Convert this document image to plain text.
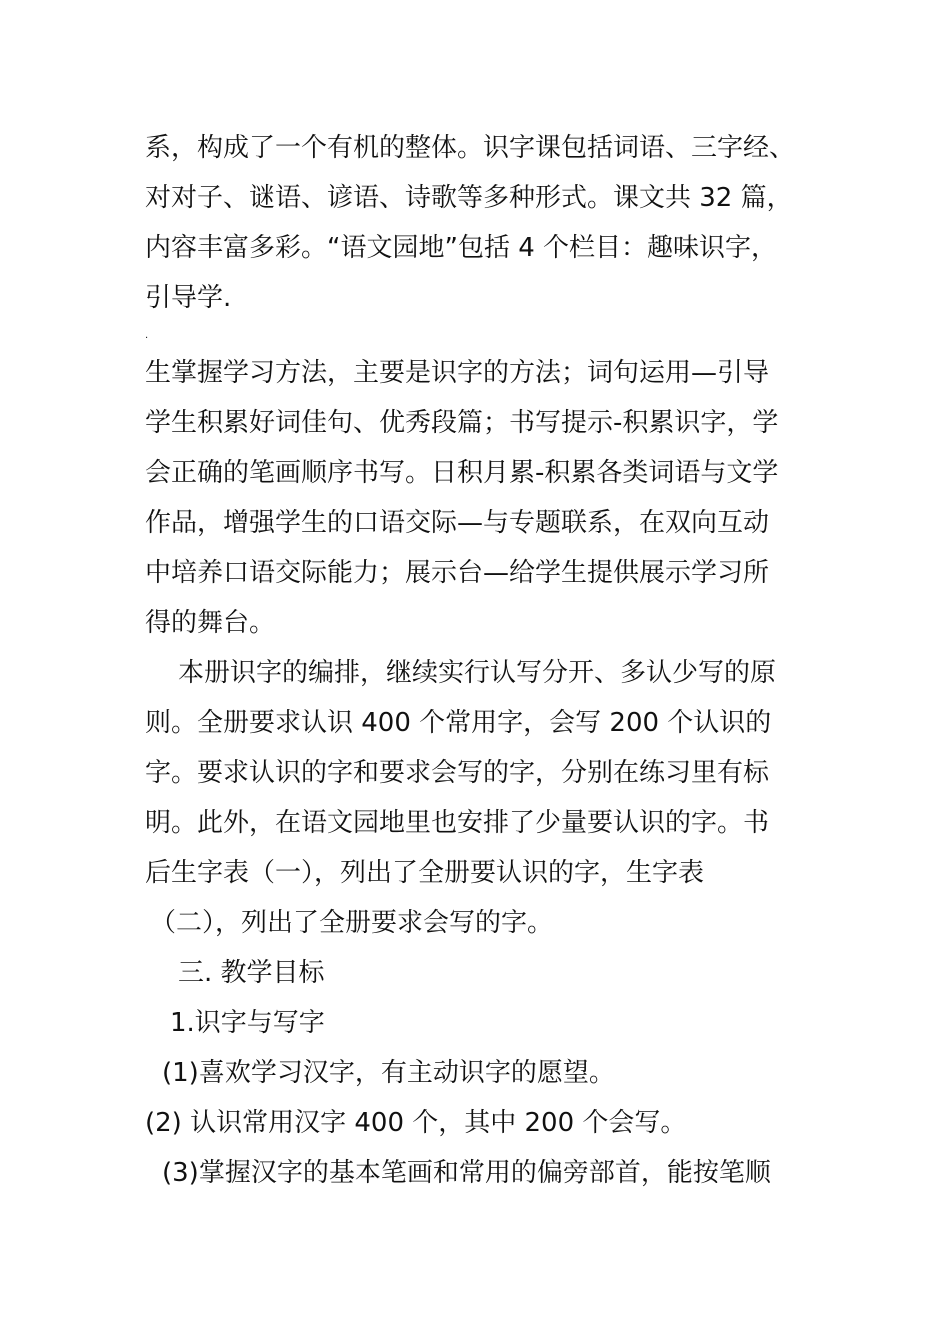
系，构成了一个有机的整体。识字课包括词语、三字经、
对对子、谜语、谚语、诗歌等多种形式。课文共 32 篇，
内容丰富多彩。“语文园地”包括 4 个栏目：趣味识字，
引导学.
.
生掌握学习方法，主要是识字的方法；词句运用—引导
学生积累好词佳句、优秀段篇；书写提示-积累识字，学
会正确的笔画顺序书写。日积月累-积累各类词语与文学
作品，增强学生的口语交际—与专题联系，在双向互动
中培养口语交际能力；展示台—给学生提供展示学习所
得的舞台。
本册识字的编排，继续实行认写分开、多认少写的原
则。全册要求认识 400 个常用字，会写 200 个认识的
字。要求认识的字和要求会写的字，分别在练习里有标
明。此外，在语文园地里也安排了少量要认识的字。书
后生字表（一），列出了全册要认识的字，生字表
（二），列出了全册要求会写的字。
三. 教学目标
1.识字与写字
(1)喜欢学习汉字，有主动识字的愿望。
(2) 认识常用汉字 400 个，其中 200 个会写。
(3)掌握汉字的基本笔画和常用的偏旁部首，能按笔顺
